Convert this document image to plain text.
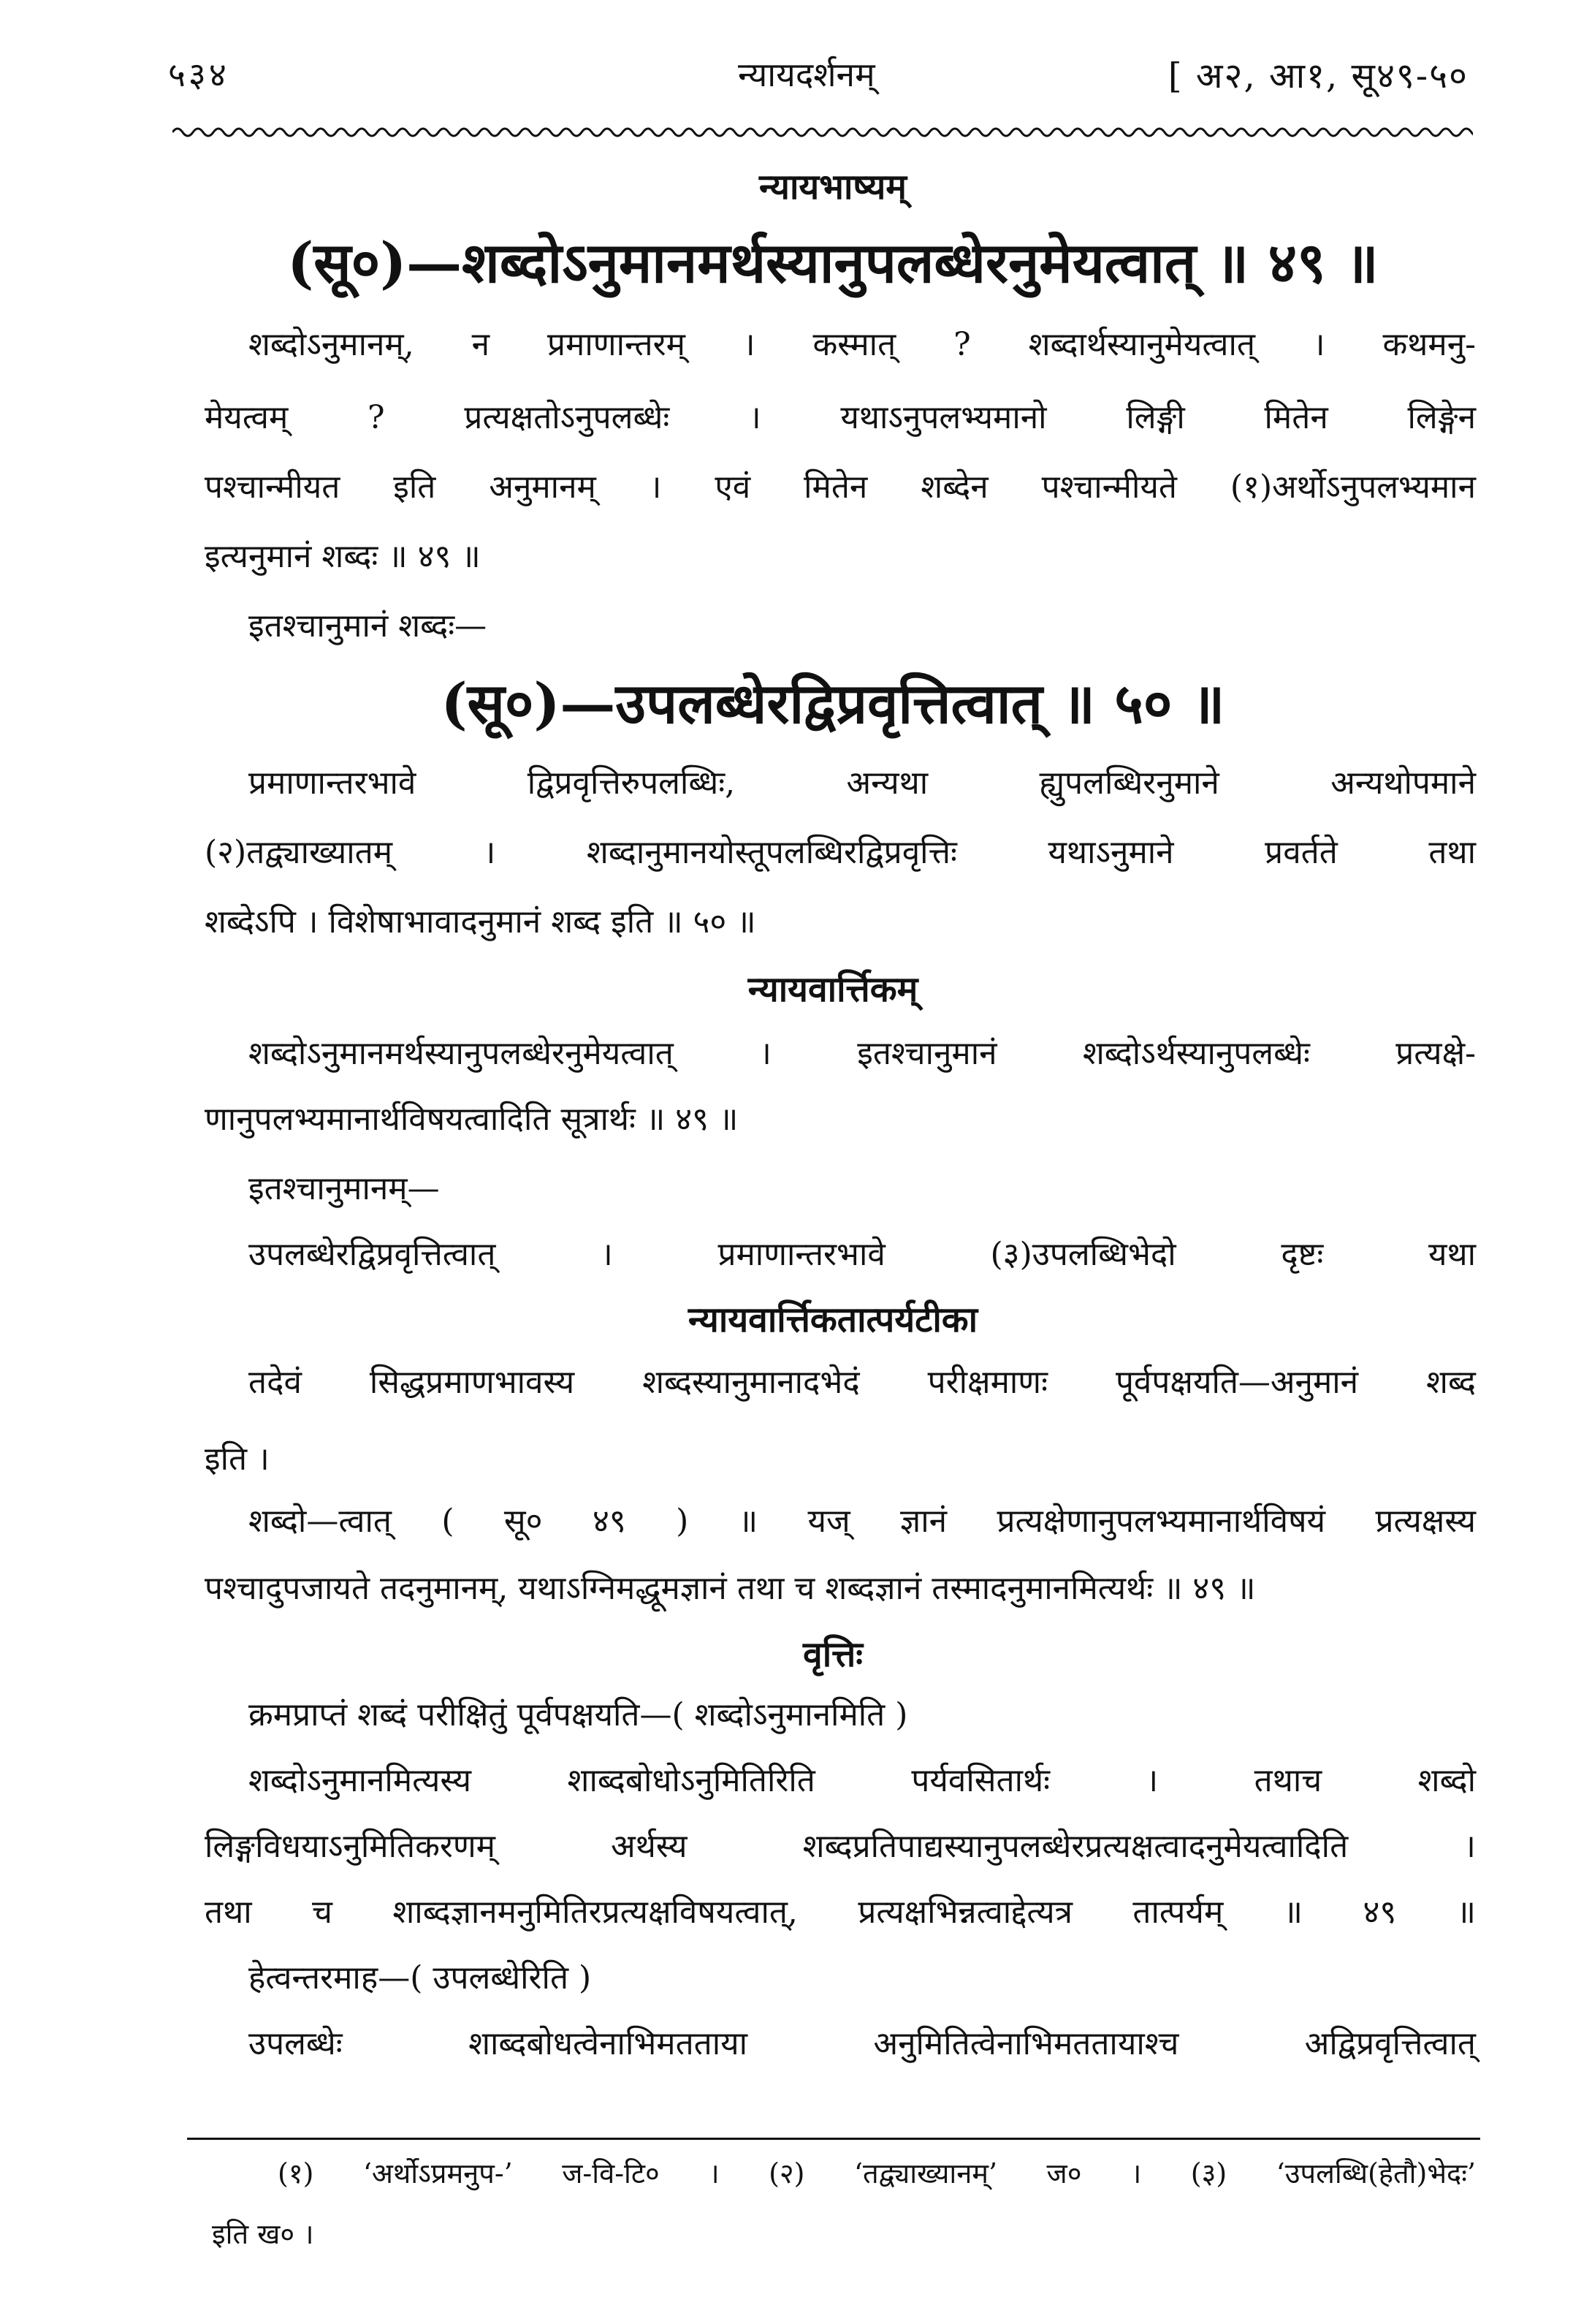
५३४	न्यायदर्शनम्	[ अ२, आ१, सू४९-५०
न्यायभाष्यम्
(सू०)—शब्दोऽनुमानमर्थस्यानुपलब्धेरनुमेयत्वात् ॥ ४९ ॥
शब्दोऽनुमानम्, न प्रमाणान्तरम् । कस्मात् ? शब्दार्थस्यानुमेयत्वात् । कथमनु-
मेयत्वम् ? प्रत्यक्षतोऽनुपलब्धेः । यथाऽनुपलभ्यमानो लिङ्गी मितेन लिङ्गेन
पश्चान्मीयत इति अनुमानम् । एवं मितेन शब्देन पश्चान्मीयते (१)अर्थोऽनुपलभ्यमान
इत्यनुमानं शब्दः ॥ ४९ ॥
इतश्चानुमानं शब्दः—
(सू०)—उपलब्धेरद्विप्रवृत्तित्वात् ॥ ५० ॥
प्रमाणान्तरभावे द्विप्रवृत्तिरुपलब्धिः, अन्यथा ह्युपलब्धिरनुमाने अन्यथोपमाने
(२)तद्व्याख्यातम् । शब्दानुमानयोस्तूपलब्धिरद्विप्रवृत्तिः यथाऽनुमाने प्रवर्तते तथा
शब्देऽपि । विशेषाभावादनुमानं शब्द इति ॥ ५० ॥
न्यायवार्त्तिकम्
शब्दोऽनुमानमर्थस्यानुपलब्धेरनुमेयत्वात् । इतश्चानुमानं शब्दोऽर्थस्यानुपलब्धेः प्रत्यक्षे-
णानुपलभ्यमानार्थविषयत्वादिति सूत्रार्थः ॥ ४९ ॥
इतश्चानुमानम्—
उपलब्धेरद्विप्रवृत्तित्वात् । प्रमाणान्तरभावे (३)उपलब्धिभेदो दृष्टः यथा
न्यायवार्त्तिकतात्पर्यटीका
तदेवं सिद्धप्रमाणभावस्य शब्दस्यानुमानादभेदं परीक्षमाणः पूर्वपक्षयति—अनुमानं शब्द
इति ।
शब्दो—त्वात् ( सू० ४९ ) ॥ यज् ज्ञानं प्रत्यक्षेणानुपलभ्यमानार्थविषयं प्रत्यक्षस्य
पश्चादुपजायते तदनुमानम्, यथाऽग्निमद्धूमज्ञानं तथा च शब्दज्ञानं तस्मादनुमानमित्यर्थः ॥ ४९ ॥
वृत्तिः
क्रमप्राप्तं शब्दं परीक्षितुं पूर्वपक्षयति—( शब्दोऽनुमानमिति )
शब्दोऽनुमानमित्यस्य शाब्दबोधोऽनुमितिरिति पर्यवसितार्थः । तथाच शब्दो
लिङ्गविधयाऽनुमितिकरणम् अर्थस्य शब्दप्रतिपाद्यस्यानुपलब्धेरप्रत्यक्षत्वादनुमेयत्वादिति ।
तथा च शाब्दज्ञानमनुमितिरप्रत्यक्षविषयत्वात्, प्रत्यक्षभिन्नत्वाद्देत्यत्र तात्पर्यम् ॥ ४९ ॥
हेत्वन्तरमाह—( उपलब्धेरिति )
उपलब्धेः शाब्दबोधत्वेनाभिमतताया अनुमितित्वेनाभिमततायाश्च अद्विप्रवृत्तित्वात्
(१) ‘अर्थोऽप्रमनुप-’ ज-वि-टि० । (२) ‘तद्व्याख्यानम्’ ज० । (३) ‘उपलब्धि(हेतौ)भेदः’
इति ख० ।
